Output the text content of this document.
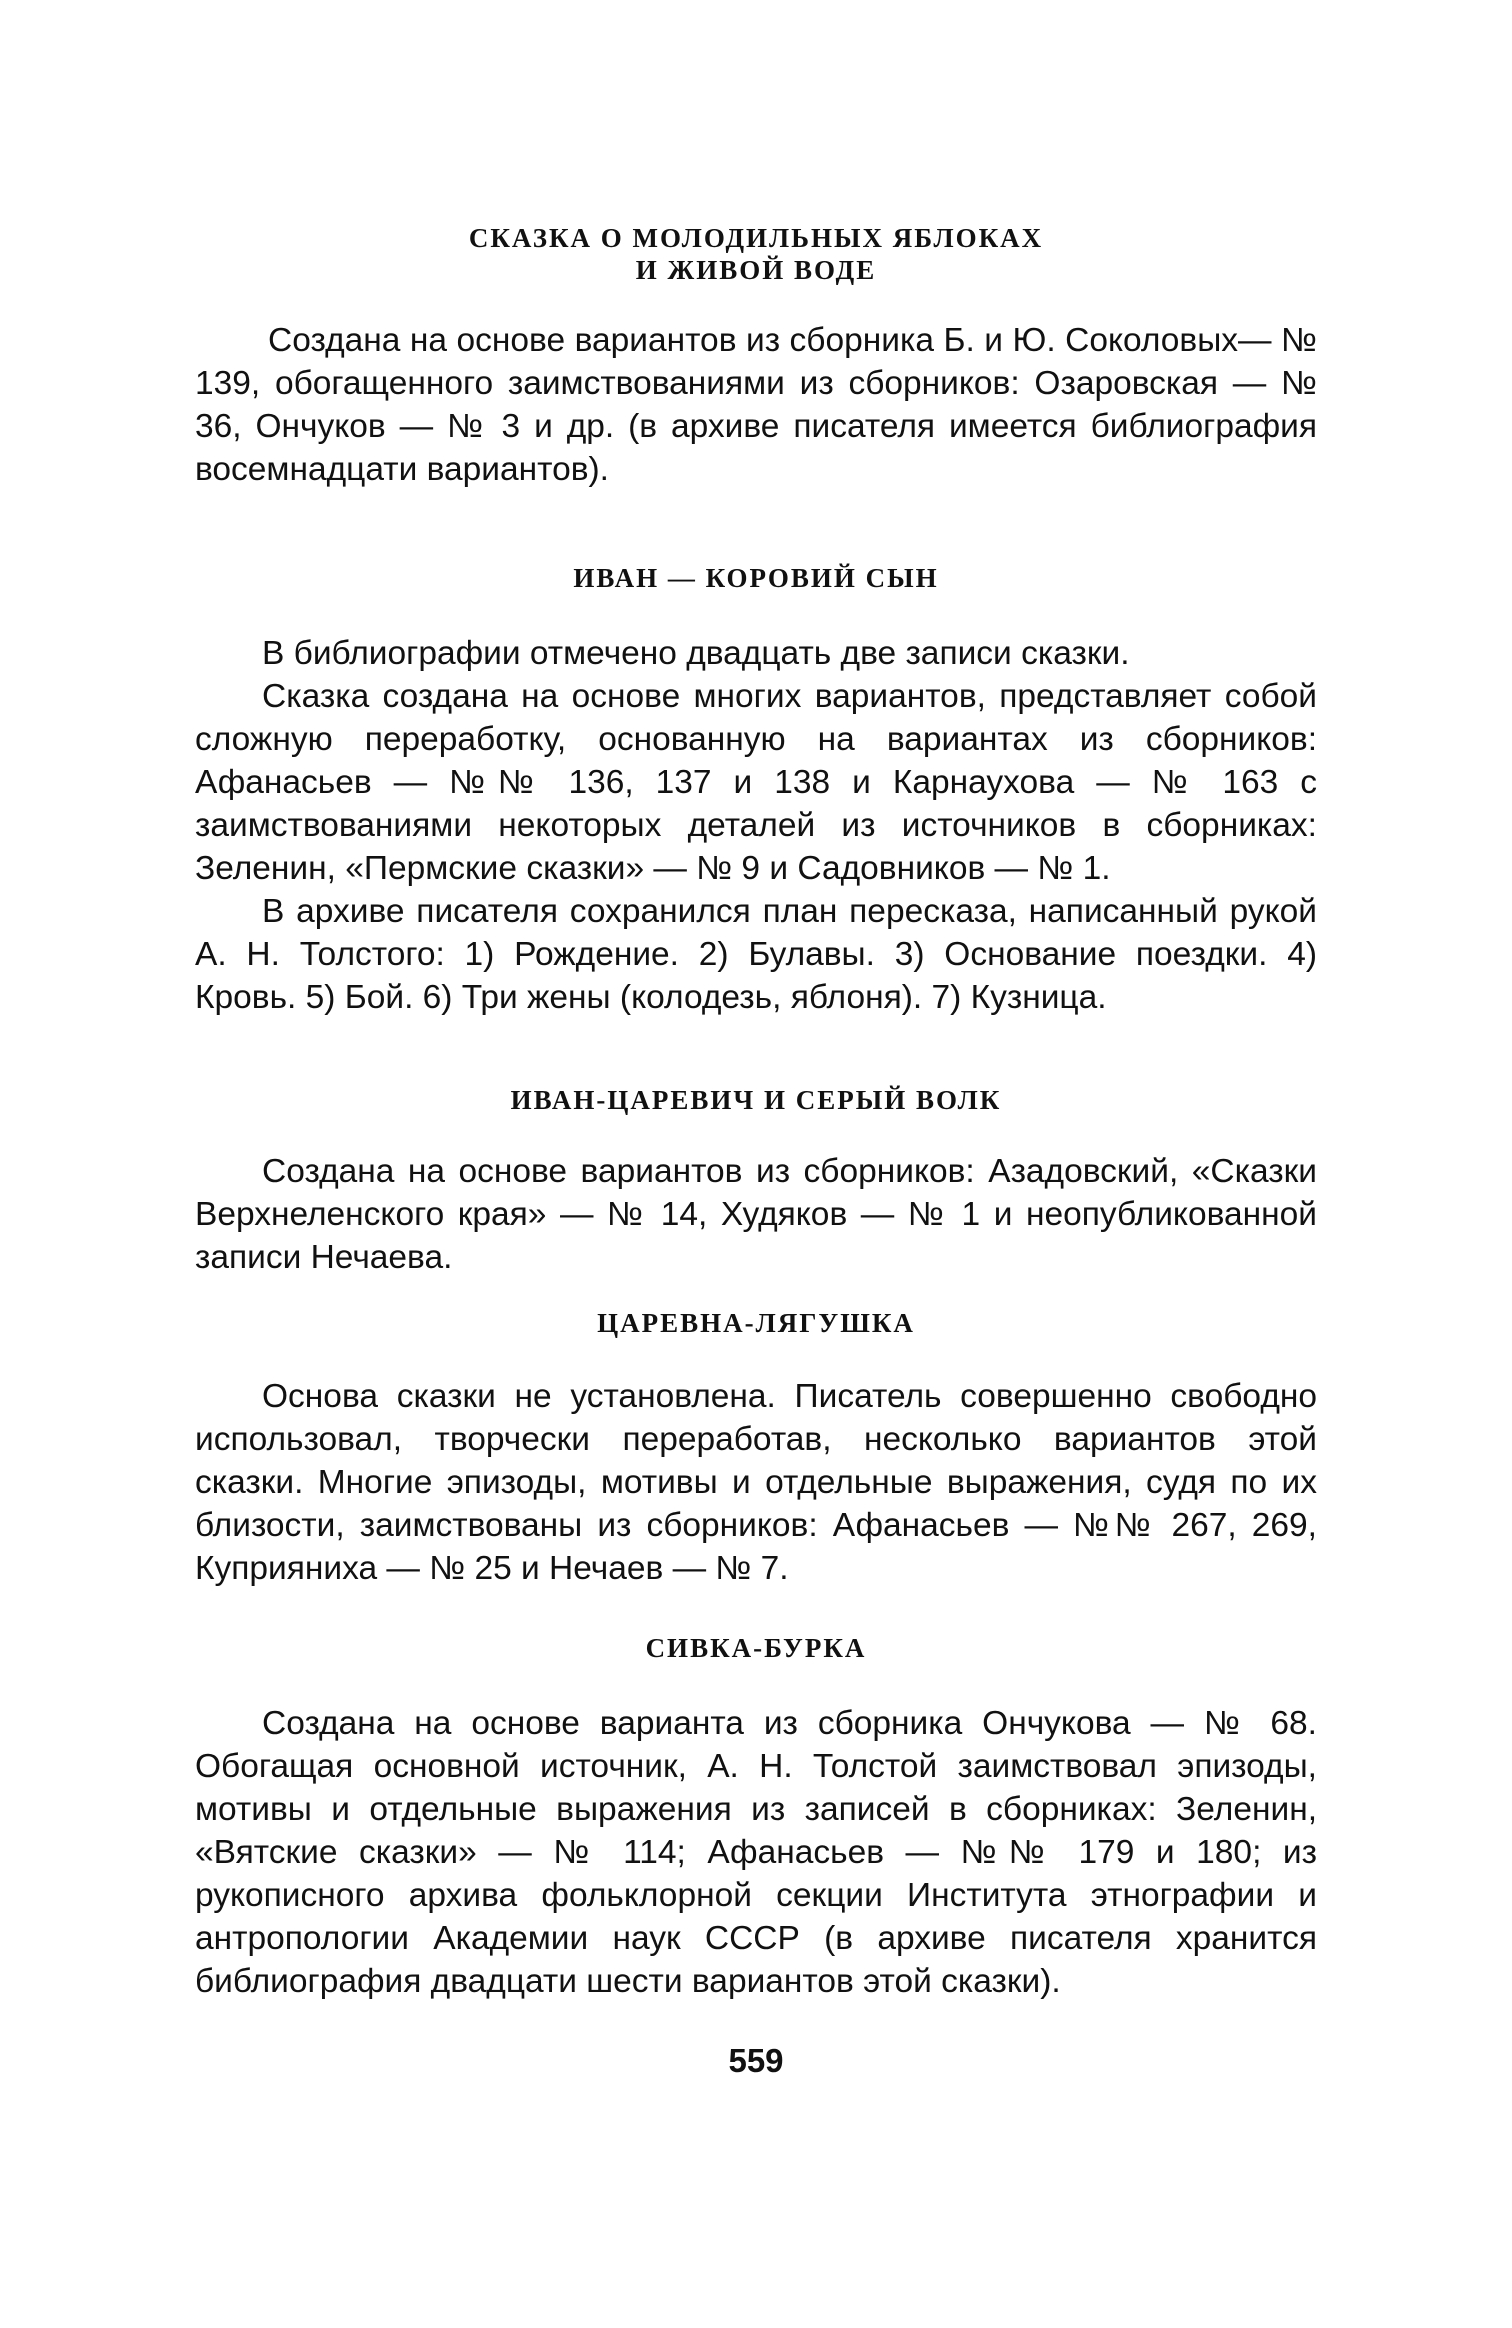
СКАЗКА О МОЛОДИЛЬНЫХ ЯБЛОКАХ
И ЖИВОЙ ВОДЕ

Создана на основе вариантов из сборника Б. и Ю. Соколовых— № 139, обогащенного заимствованиями из сборников: Озаровская — № 36, Ончуков — № 3 и др. (в архиве писателя имеется библиография восемнадцати вариантов).

ИВАН — КОРОВИЙ СЫН

В библиографии отмечено двадцать две записи сказки.

Сказка создана на основе многих вариантов, представляет собой сложную переработку, основанную на вариантах из сборников: Афанасьев — №№ 136, 137 и 138 и Карнаухова — № 163 с заимствованиями некоторых деталей из источников в сборниках: Зеленин, «Пермские сказки» — № 9 и Садовников — № 1.

В архиве писателя сохранился план пересказа, написанный рукой А. Н. Толстого: 1) Рождение. 2) Булавы. 3) Основание поездки. 4) Кровь. 5) Бой. 6) Три жены (колодезь, яблоня). 7) Кузница.

ИВАН-ЦАРЕВИЧ И СЕРЫЙ ВОЛК

Создана на основе вариантов из сборников: Азадовский, «Сказки Верхнеленского края» — № 14, Худяков — № 1 и неопубликованной записи Нечаева.

ЦАРЕВНА-ЛЯГУШКА

Основа сказки не установлена. Писатель совершенно свободно использовал, творчески переработав, несколько вариантов этой сказки. Многие эпизоды, мотивы и отдельные выражения, судя по их близости, заимствованы из сборников: Афанасьев — №№ 267, 269, Куприяниха — № 25 и Нечаев — № 7.

СИВКА-БУРКА

Создана на основе варианта из сборника Ончукова — № 68. Обогащая основной источник, А. Н. Толстой заимствовал эпизоды, мотивы и отдельные выражения из записей в сборниках: Зеленин, «Вятские сказки» — № 114; Афанасьев — №№ 179 и 180; из рукописного архива фольклорной секции Института этнографии и антропологии Академии наук СССР (в архиве писателя хранится библиография двадцати шести вариантов этой сказки).

559
